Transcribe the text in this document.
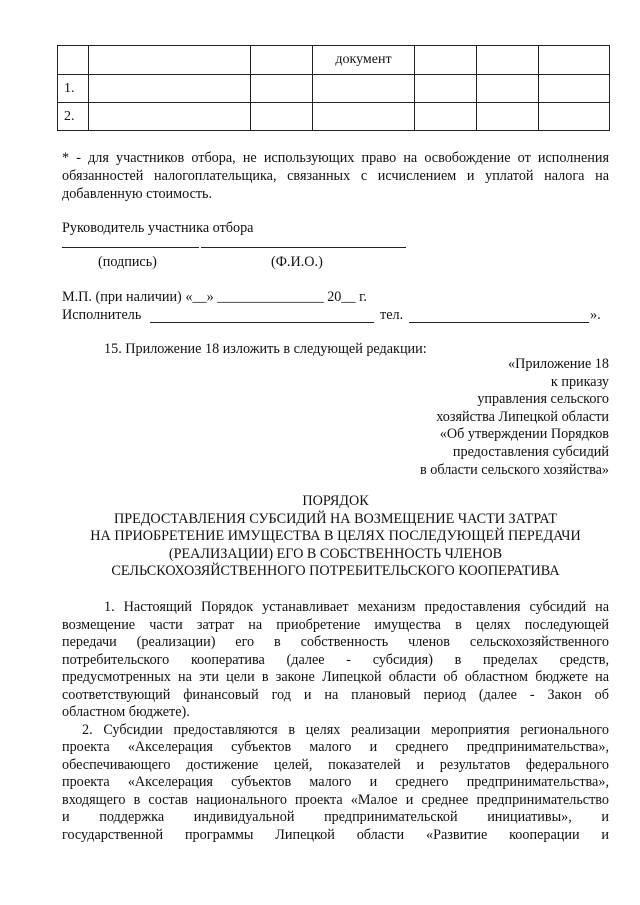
			документ			
1.						
2.						
* - для участников отбора, не использующих право на освобождение от исполнения
обязанностей налогоплательщика, связанных с исчислением и уплатой налога на
добавленную стоимость.
Руководитель участника отбора
(подпись)	(Ф.И.О.)
М.П. (при наличии) «__» _______________ 20__ г.
Исполнитель	тел.	».
15. Приложение 18 изложить в следующей редакции:
«Приложение 18
к приказу
управления сельского
хозяйства Липецкой области
«Об утверждении Порядков
предоставления субсидий
в области сельского хозяйства»
ПОРЯДОК
ПРЕДОСТАВЛЕНИЯ СУБСИДИЙ НА ВОЗМЕЩЕНИЕ ЧАСТИ ЗАТРАТ
НА ПРИОБРЕТЕНИЕ ИМУЩЕСТВА В ЦЕЛЯХ ПОСЛЕДУЮЩЕЙ ПЕРЕДАЧИ
(РЕАЛИЗАЦИИ) ЕГО В СОБСТВЕННОСТЬ ЧЛЕНОВ
СЕЛЬСКОХОЗЯЙСТВЕННОГО ПОТРЕБИТЕЛЬСКОГО КООПЕРАТИВА
1. Настоящий Порядок устанавливает механизм предоставления субсидий на
возмещение части затрат на приобретение имущества в целях последующей
передачи (реализации) его в собственность членов сельскохозяйственного
потребительского кооператива (далее - субсидия) в пределах средств,
предусмотренных на эти цели в законе Липецкой области об областном бюджете на
соответствующий финансовый год и на плановый период (далее - Закон об
областном бюджете).
2. Субсидии предоставляются в целях реализации мероприятия регионального
проекта «Акселерация субъектов малого и среднего предпринимательства»,
обеспечивающего достижение целей, показателей и результатов федерального
проекта «Акселерация субъектов малого и среднего предпринимательства»,
входящего в состав национального проекта «Малое и среднее предпринимательство
и поддержка индивидуальной предпринимательской инициативы», и
государственной программы Липецкой области «Развитие кооперации и
